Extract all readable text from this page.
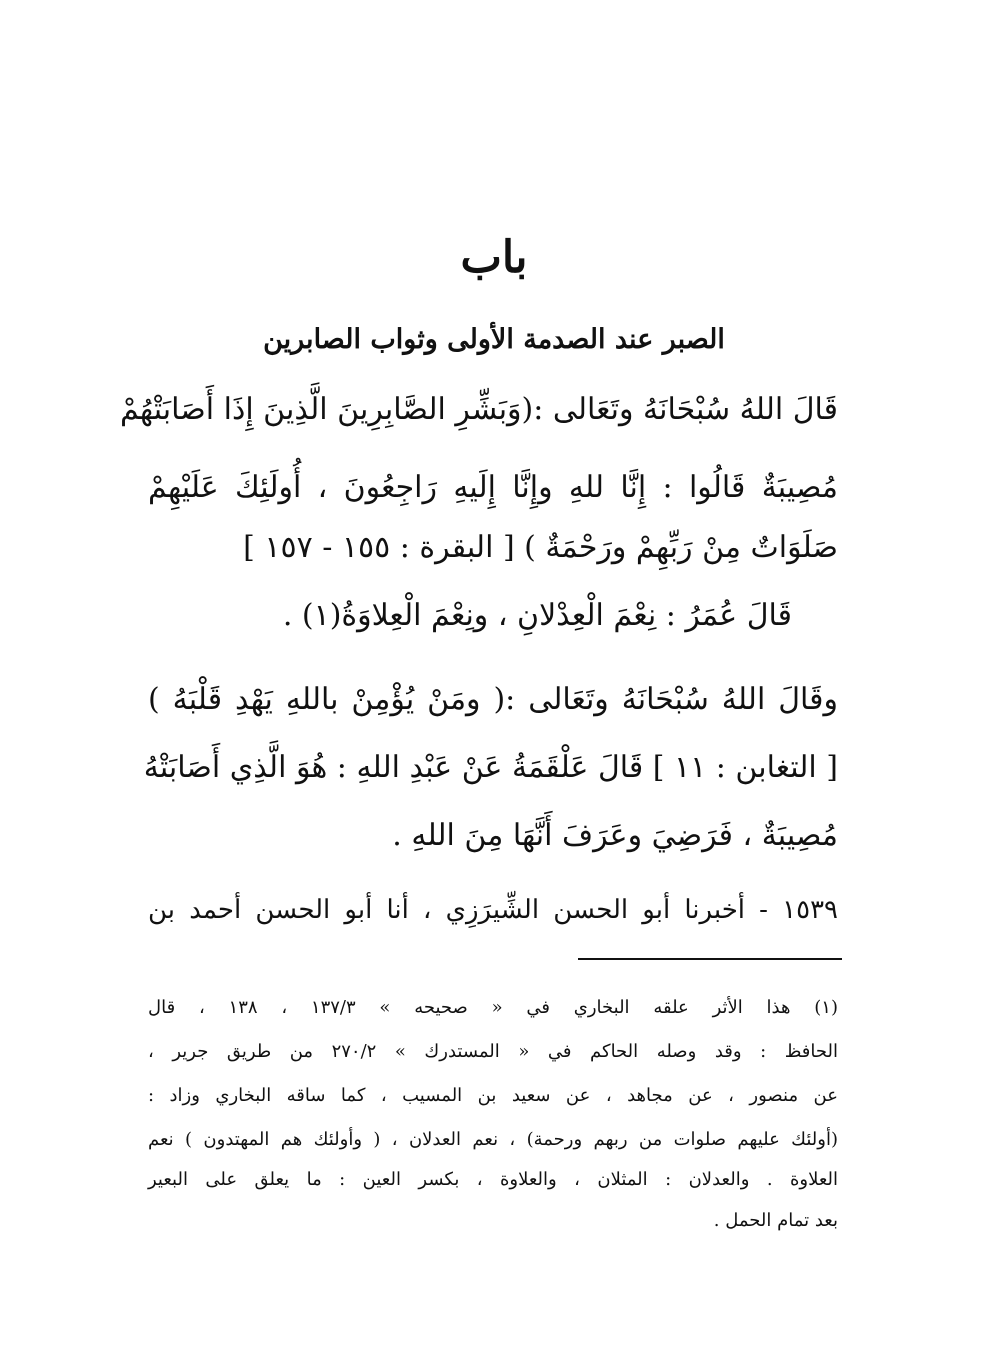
باب
الصبر عند الصدمة الأولى وثواب الصابرين
قَالَ اللهُ سُبْحَانَهُ وتَعَالى :(وَبَشِّرِ الصَّابِرِينَ الَّذِينَ إِذَا أَصَابَتْهُمْ
مُصِيبَةٌ قَالُوا : إِنَّا للهِ وإِنَّا إِلَيهِ رَاجِعُونَ ، أُولَئِكَ عَلَيْهِمْ
صَلَوَاتٌ مِنْ رَبِّهِمْ ورَحْمَةٌ ) [ البقرة : ١٥٥ - ١٥٧ ]
قَالَ عُمَرُ : نِعْمَ الْعِدْلانِ ، ونِعْمَ الْعِلاوَةُ(١) .
وقَالَ اللهُ سُبْحَانَهُ وتَعَالى :( ومَنْ يُؤْمِنْ باللهِ يَهْدِ قَلْبَهُ )
[ التغابن : ١١ ] قَالَ عَلْقَمَةُ عَنْ عَبْدِ اللهِ : هُوَ الَّذِي أَصَابَتْهُ
مُصِيبَةٌ ، فَرَضِيَ وعَرَفَ أَنَّهَا مِنَ اللهِ .
١٥٣٩ - أخبرنا أبو الحسن الشِّيرَزِي ، أنا أبو الحسن أحمد بن
(١) هذا الأثر علقه البخاري في « صحيحه » ١٣٧/٣ ، ١٣٨ ، قال
الحافظ : وقد وصله الحاكم في « المستدرك » ٢٧٠/٢ من طريق جرير ،
عن منصور ، عن مجاهد ، عن سعيد بن المسيب ، كما ساقه البخاري وزاد :
(أولئك عليهم صلوات من ربهم ورحمة) ، نعم العدلان ، ( وأولئك هم المهتدون ) نعم
العلاوة . والعدلان : المثلان ، والعلاوة ، بكسر العين : ما يعلق على البعير
بعد تمام الحمل .
